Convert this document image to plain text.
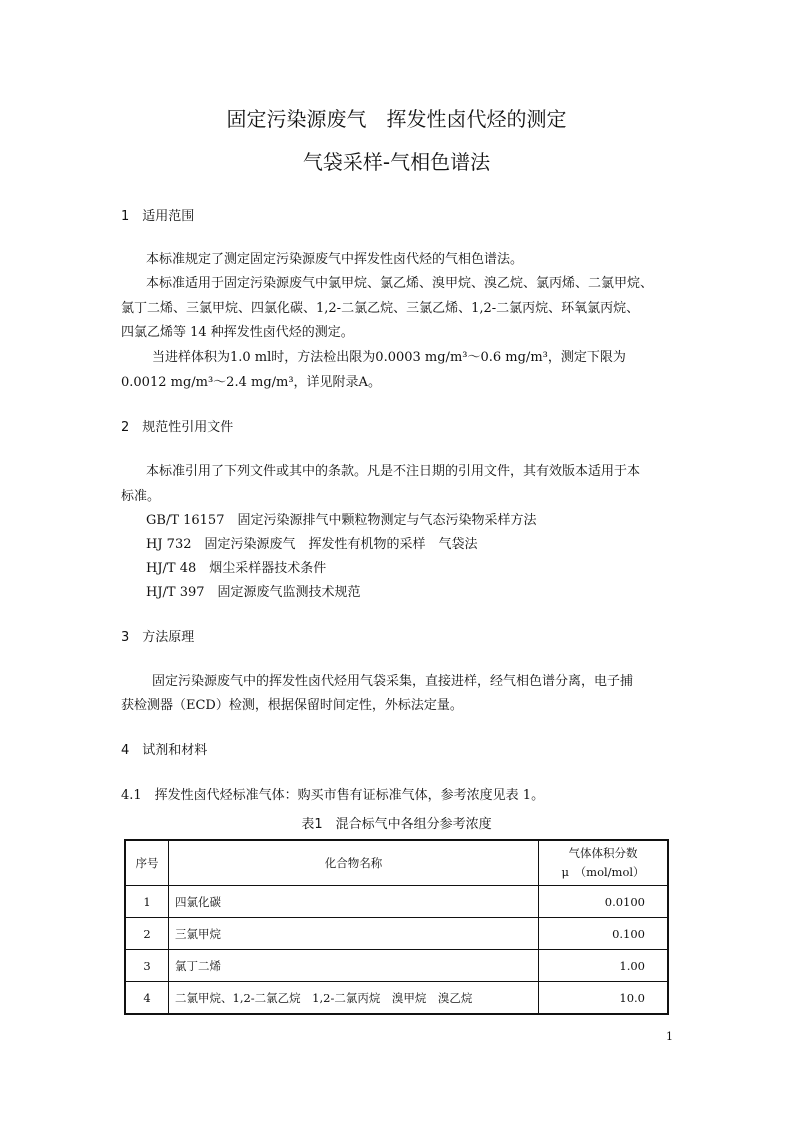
固定污染源废气　挥发性卤代烃的测定
气袋采样-气相色谱法
1　适用范围
本标准规定了测定固定污染源废气中挥发性卤代烃的气相色谱法。
本标准适用于固定污染源废气中氯甲烷、氯乙烯、溴甲烷、溴乙烷、氯丙烯、二氯甲烷、
氯丁二烯、三氯甲烷、四氯化碳、1,2-二氯乙烷、三氯乙烯、1,2-二氯丙烷、环氧氯丙烷、
四氯乙烯等 14 种挥发性卤代烃的测定。
当进样体积为1.0 ml时，方法检出限为0.0003 mg/m³～0.6 mg/m³，测定下限为
0.0012 mg/m³～2.4 mg/m³，详见附录A。
2　规范性引用文件
本标准引用了下列文件或其中的条款。凡是不注日期的引用文件，其有效版本适用于本
标准。
GB/T 16157　固定污染源排气中颗粒物测定与气态污染物采样方法
HJ 732　固定污染源废气　挥发性有机物的采样　气袋法
HJ/T 48　烟尘采样器技术条件
HJ/T 397　固定源废气监测技术规范
3　方法原理
固定污染源废气中的挥发性卤代烃用气袋采集，直接进样，经气相色谱分离，电子捕
获检测器（ECD）检测，根据保留时间定性，外标法定量。
4　试剂和材料
4.1　挥发性卤代烃标准气体：购买市售有证标准气体，参考浓度见表 1。
表1　混合标气中各组分参考浓度
序号	化合物名称	气体体积分数
μ　（mol/mol）

1	四氯化碳	0.0100
2	三氯甲烷	0.100
3	氯丁二烯	1.00
4	二氯甲烷、1,2-二氯乙烷　1,2-二氯丙烷　溴甲烷　溴乙烷	10.0
1
